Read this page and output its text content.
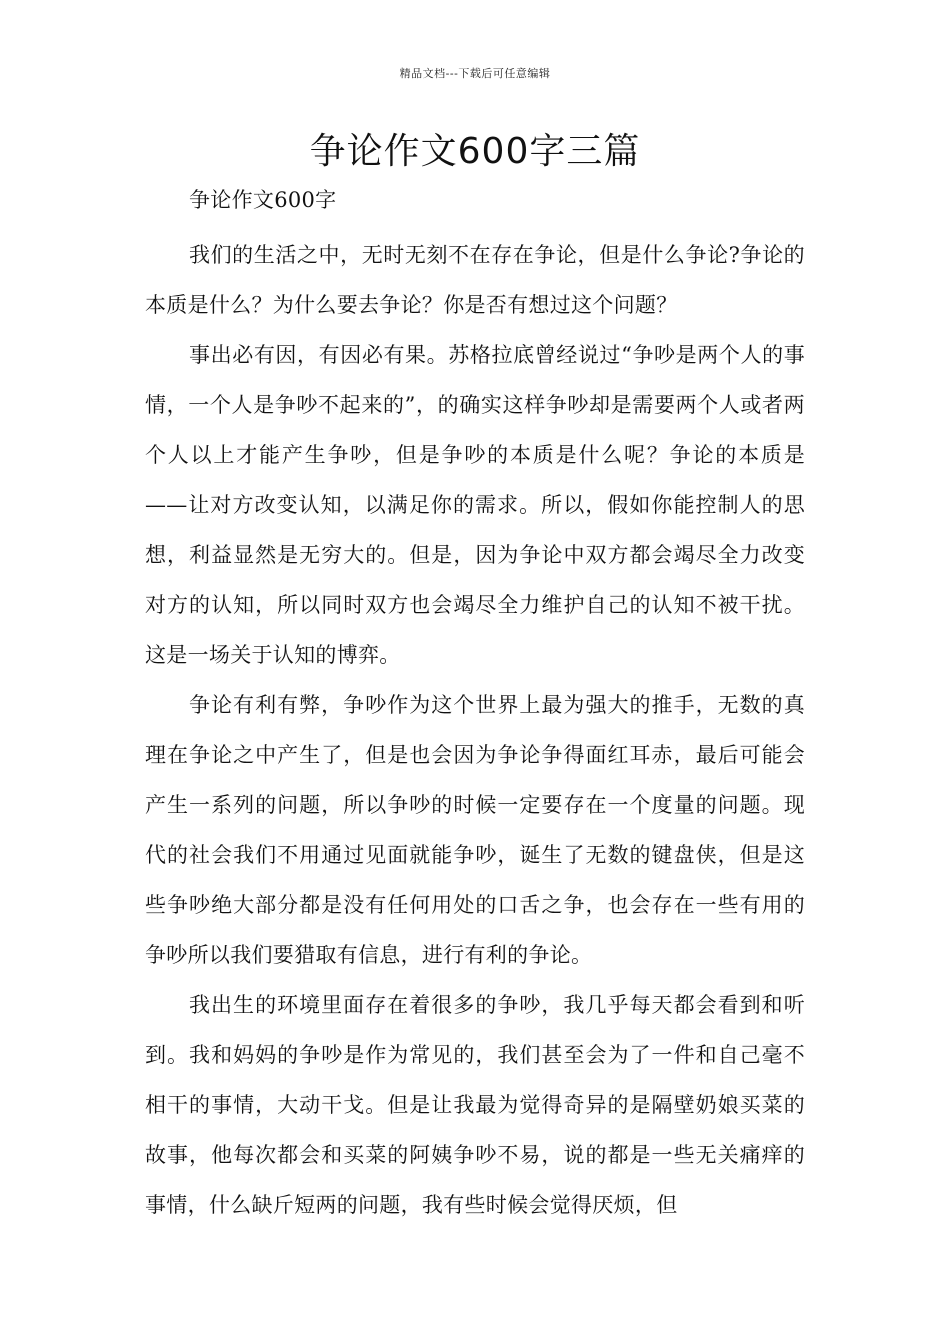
精品文档---下载后可任意编辑
争论作文600字三篇

争论作文600字

我们的生活之中，无时无刻不在存在争论，但是什么争论?争论的本质是什么？为什么要去争论？你是否有想过这个问题？

事出必有因，有因必有果。苏格拉底曾经说过“争吵是两个人的事情，一个人是争吵不起来的”，的确实这样争吵却是需要两个人或者两个人以上才能产生争吵，但是争吵的本质是什么呢？争论的本质是——让对方改变认知，以满足你的需求。所以，假如你能控制人的思想，利益显然是无穷大的。但是，因为争论中双方都会竭尽全力改变对方的认知，所以同时双方也会竭尽全力维护自己的认知不被干扰。这是一场关于认知的博弈。

争论有利有弊，争吵作为这个世界上最为强大的推手，无数的真理在争论之中产生了，但是也会因为争论争得面红耳赤，最后可能会产生一系列的问题，所以争吵的时候一定要存在一个度量的问题。现代的社会我们不用通过见面就能争吵，诞生了无数的键盘侠，但是这些争吵绝大部分都是没有任何用处的口舌之争，也会存在一些有用的争吵所以我们要猎取有信息，进行有利的争论。

我出生的环境里面存在着很多的争吵，我几乎每天都会看到和听到。我和妈妈的争吵是作为常见的，我们甚至会为了一件和自己毫不相干的事情，大动干戈。但是让我最为觉得奇异的是隔壁奶娘买菜的故事，他每次都会和买菜的阿姨争吵不易，说的都是一些无关痛痒的事情，什么缺斤短两的问题，我有些时候会觉得厌烦，但
